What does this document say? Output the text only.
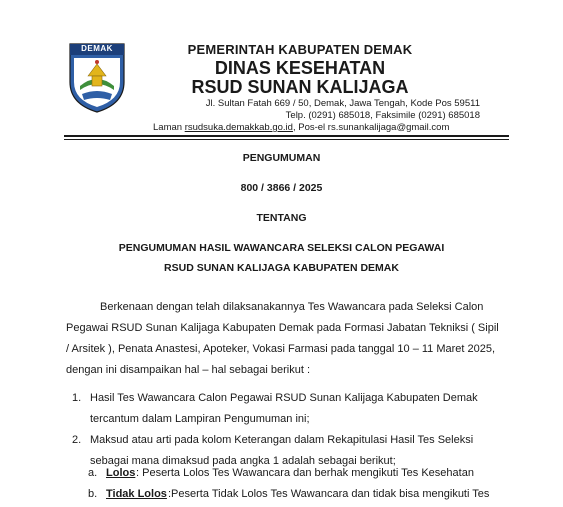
DEMAK	PEMERINTAH KABUPATEN DEMAK
DINAS KESEHATAN
RSUD SUNAN KALIJAGA
Jl. Sultan Fatah 669 / 50, Demak, Jawa Tengah, Kode Pos 59511
Telp. (0291) 685018, Faksimile (0291) 685018
Laman rsudsuka.demakkab.go.id, Pos-el rs.sunankalijaga@gmail.com
PENGUMUMAN
800 / 3866 / 2025
TENTANG
PENGUMUMAN HASIL WAWANCARA SELEKSI CALON PEGAWAI
RSUD SUNAN KALIJAGA KABUPATEN DEMAK
Berkenaan dengan telah dilaksanakannya Tes Wawancara pada Seleksi Calon
Pegawai RSUD Sunan Kalijaga Kabupaten Demak pada Formasi Jabatan Tekniksi ( Sipil
/ Arsitek ), Penata Anastesi, Apoteker, Vokasi Farmasi pada tanggal 10 – 11 Maret 2025,
dengan ini disampaikan hal – hal sebagai berikut :
1. Hasil Tes Wawancara Calon Pegawai RSUD Sunan Kalijaga Kabupaten Demak
tercantum dalam Lampiran Pengumuman ini;
2. Maksud atau arti pada kolom Keterangan dalam Rekapitulasi Hasil Tes Seleksi
sebagai mana dimaksud pada angka 1 adalah sebagai berikut;
a. Lolos : Peserta Lolos Tes Wawancara dan berhak mengikuti Tes Kesehatan
b. Tidak Lolos :Peserta Tidak Lolos Tes Wawancara dan tidak bisa mengikuti Tes
